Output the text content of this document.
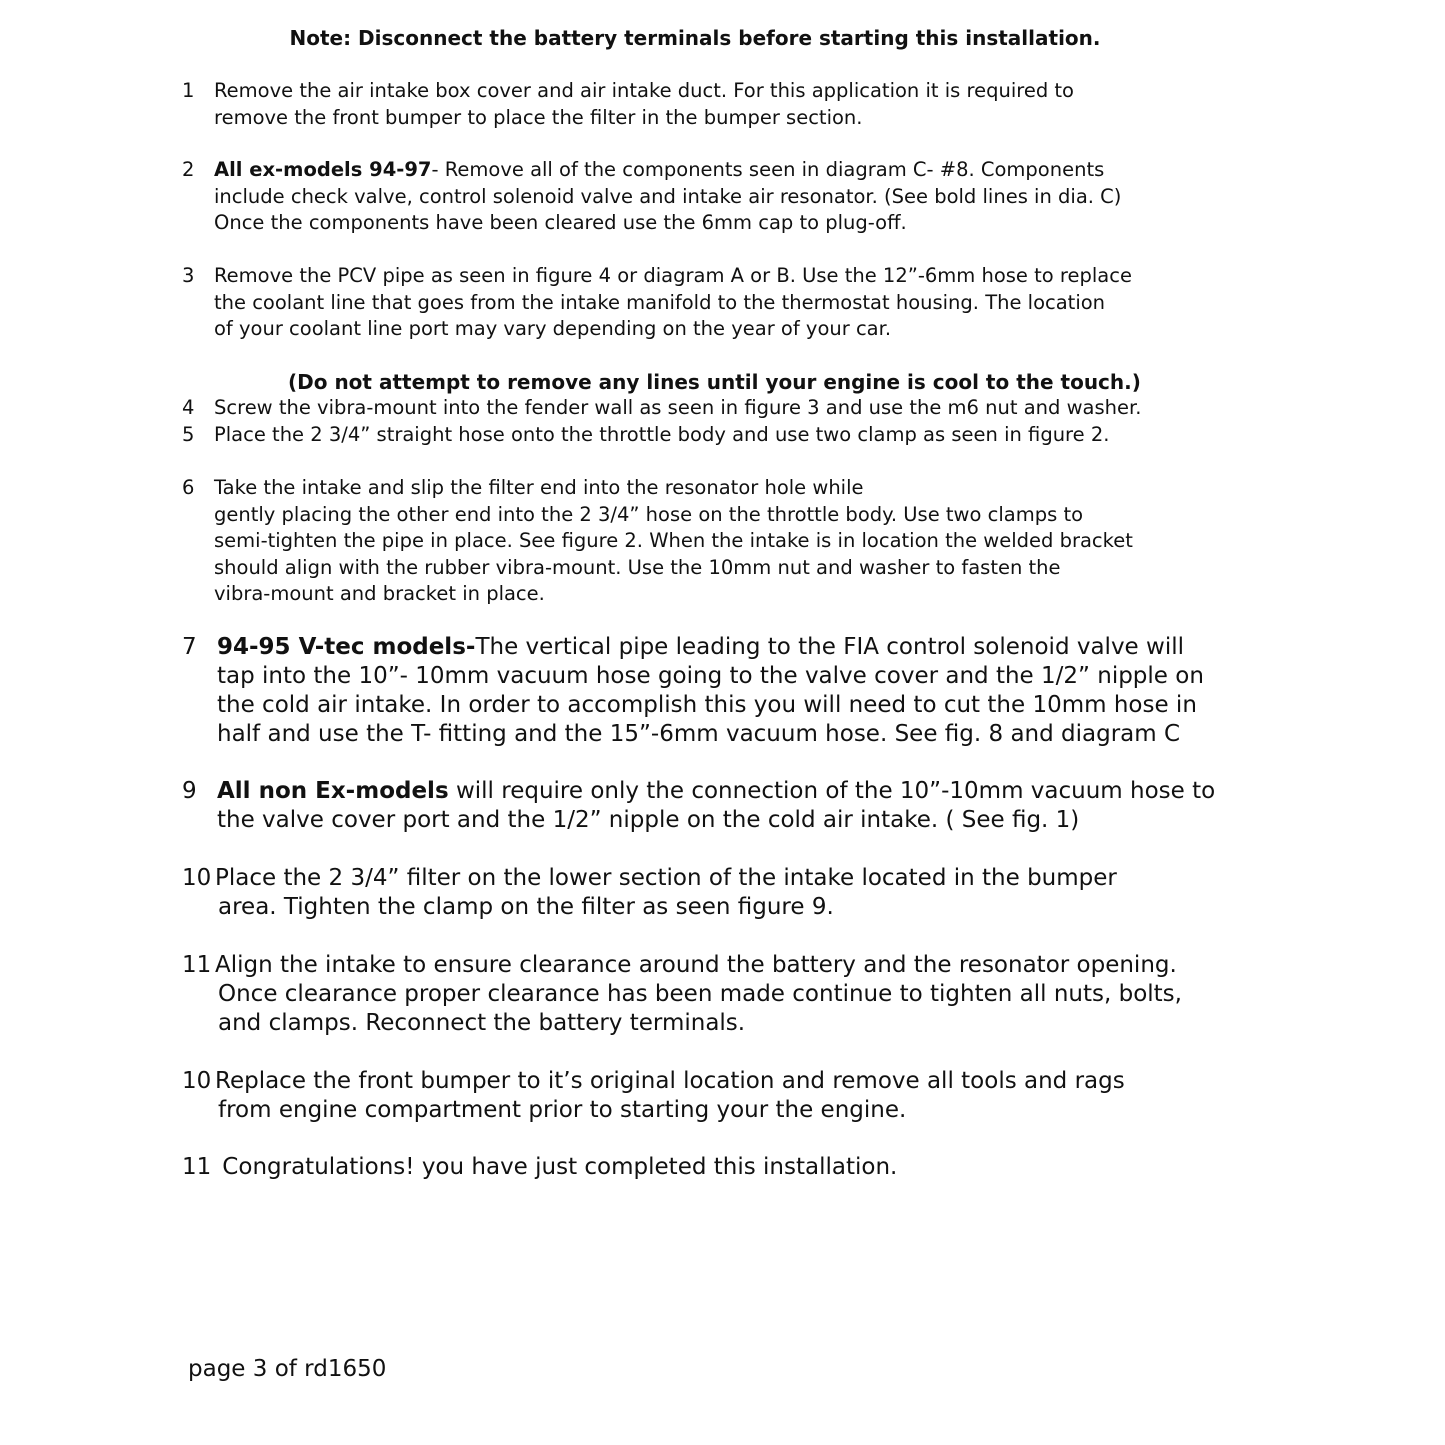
Note: Disconnect the battery terminals before starting this installation.
1 Remove the air intake box cover and air intake duct. For this application it is required to
remove the front bumper to place the filter in the bumper section.
2 All ex-models 94-97- Remove all of the components seen in diagram C- #8. Components
include check valve, control solenoid valve and intake air resonator. (See bold lines in dia. C)
Once the components have been cleared use the 6mm cap to plug-off.
3 Remove the PCV pipe as seen in figure 4 or diagram A or B. Use the 12”-6mm hose to replace
the coolant line that goes from the intake manifold to the thermostat housing. The location
of your coolant line port may vary depending on the year of your car.
(Do not attempt to remove any lines until your engine is cool to the touch.)
4 Screw the vibra-mount into the fender wall as seen in figure 3 and use the m6 nut and washer.
5 Place the 2 3/4” straight hose onto the throttle body and use two clamp as seen in figure 2.
6 Take the intake and slip the filter end into the resonator hole while
gently placing the other end into the 2 3/4” hose on the throttle body. Use two clamps to
semi-tighten the pipe in place. See figure 2. When the intake is in location the welded bracket
should align with the rubber vibra-mount. Use the 10mm nut and washer to fasten the
vibra-mount and bracket in place.
7 94-95 V-tec models-The vertical pipe leading to the FIA control solenoid valve will
tap into the 10”- 10mm vacuum hose going to the valve cover and the 1/2” nipple on
the cold air intake. In order to accomplish this you will need to cut the 10mm hose in
half and use the T- fitting and the 15”-6mm vacuum hose. See fig. 8 and diagram C
9 All non Ex-models will require only the connection of the 10”-10mm vacuum hose to
the valve cover port and the 1/2” nipple on the cold air intake. ( See fig. 1)
10 Place the 2 3/4” filter on the lower section of the intake located in the bumper
area. Tighten the clamp on the filter as seen figure 9.
11 Align the intake to ensure clearance around the battery and the resonator opening.
Once clearance proper clearance has been made continue to tighten all nuts, bolts,
and clamps. Reconnect the battery terminals.
10 Replace the front bumper to it’s original location and remove all tools and rags
from engine compartment prior to starting your the engine.
11 Congratulations! you have just completed this installation.
page 3 of rd1650
